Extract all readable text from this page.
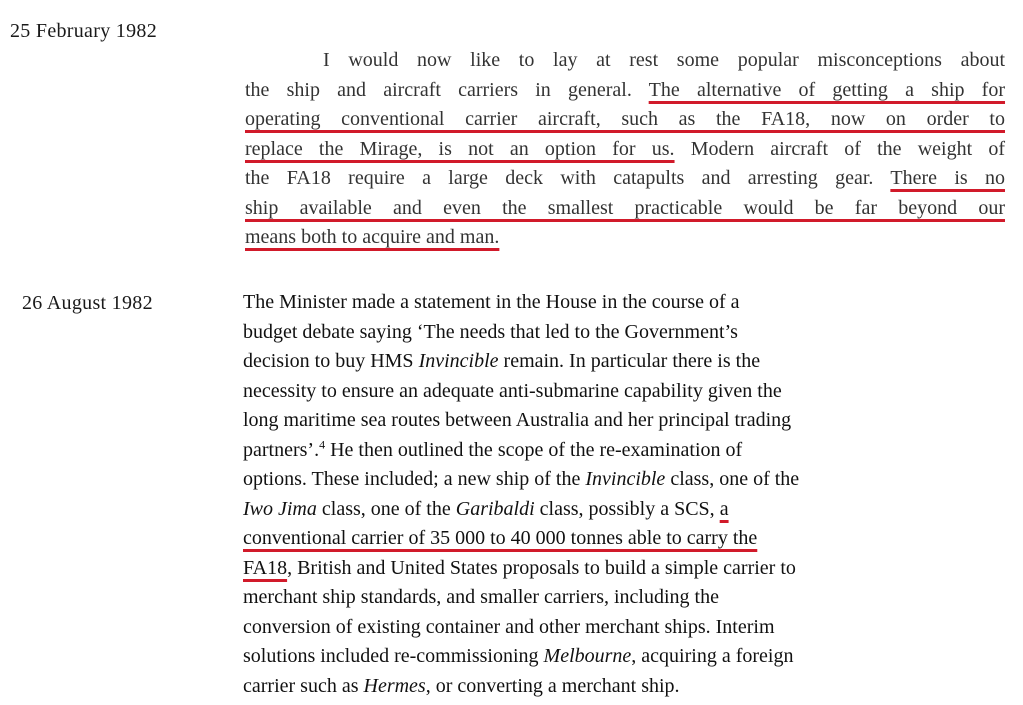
25 February 1982
I would now like to lay at rest some popular misconceptions about
the ship and aircraft carriers in general. The alternative of getting a ship for
operating conventional carrier aircraft, such as the FA18, now on order to
replace the Mirage, is not an option for us. Modern aircraft of the weight of
the FA18 require a large deck with catapults and arresting gear. There is no
ship available and even the smallest practicable would be far beyond our
means both to acquire and man.
26 August 1982	The Minister made a statement in the House in the course of a
budget debate saying ‘The needs that led to the Government’s
decision to buy HMS Invincible remain. In particular there is the
necessity to ensure an adequate anti-submarine capability given the
long maritime sea routes between Australia and her principal trading
partners’.$^4$ He then outlined the scope of the re-examination of
options. These included; a new ship of the Invincible class, one of the
Iwo Jima class, one of the Garibaldi class, possibly a SCS, a
conventional carrier of 35 000 to 40 000 tonnes able to carry the
FA18, British and United States proposals to build a simple carrier to
merchant ship standards, and smaller carriers, including the
conversion of existing container and other merchant ships. Interim
solutions included re-commissioning Melbourne, acquiring a foreign
carrier such as Hermes, or converting a merchant ship.
